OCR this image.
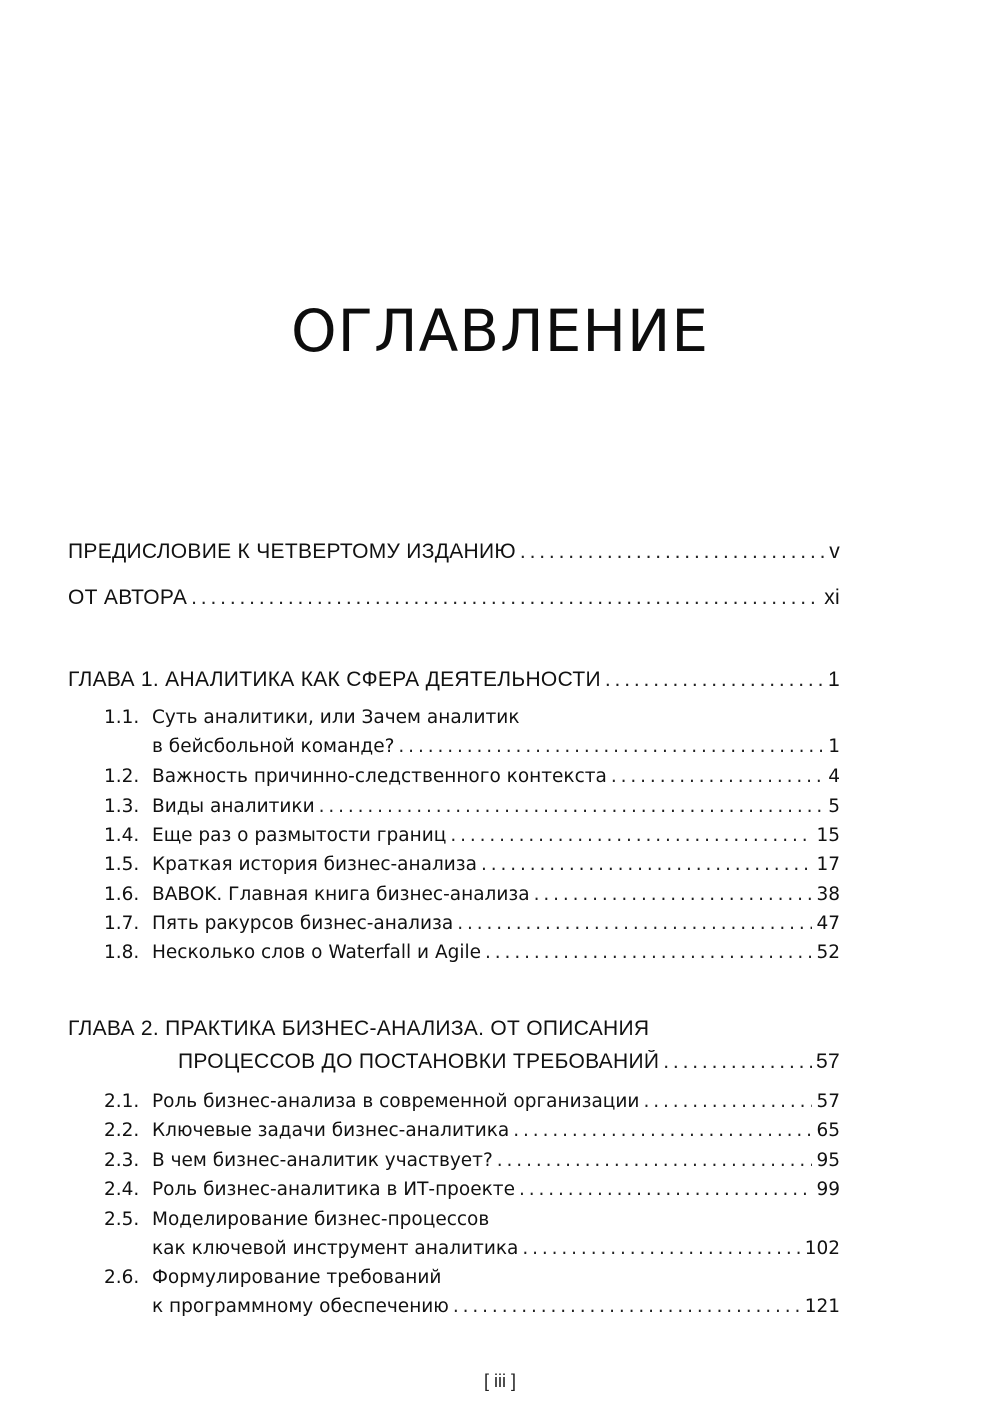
ОГЛАВЛЕНИЕ
ПРЕДИСЛОВИЕ К ЧЕТВЕРТОМУ ИЗДАНИЮ . . .	v
ОТ АВТОРА . . .	xi
ГЛАВА 1. АНАЛИТИКА КАК СФЕРА ДЕЯТЕЛЬНОСТИ . . .	1
1.1. Суть аналитики, или Зачем аналитик
в бейсбольной команде? . . .	1
1.2. Важность причинно-следственного контекста . . .	4
1.3. Виды аналитики . . .	5
1.4. Еще раз о размытости границ . . .	15
1.5. Краткая история бизнес-анализа . . .	17
1.6. BABOK. Главная книга бизнес-анализа . . .	38
1.7. Пять ракурсов бизнес-анализа . . .	47
1.8. Несколько слов о Waterfall и Agile . . .	52
ГЛАВА 2. ПРАКТИКА БИЗНЕС-АНАЛИЗА. ОТ ОПИСАНИЯ
ПРОЦЕССОВ ДО ПОСТАНОВКИ ТРЕБОВАНИЙ . . .	57
2.1. Роль бизнес-анализа в современной организации . . .	57
2.2. Ключевые задачи бизнес-аналитика . . .	65
2.3. В чем бизнес-аналитик участвует? . . .	95
2.4. Роль бизнес-аналитика в ИТ-проекте . . .	99
2.5. Моделирование бизнес-процессов
как ключевой инструмент аналитика . . .	102
2.6. Формулирование требований
к программному обеспечению . . .	121
[ iii ]
